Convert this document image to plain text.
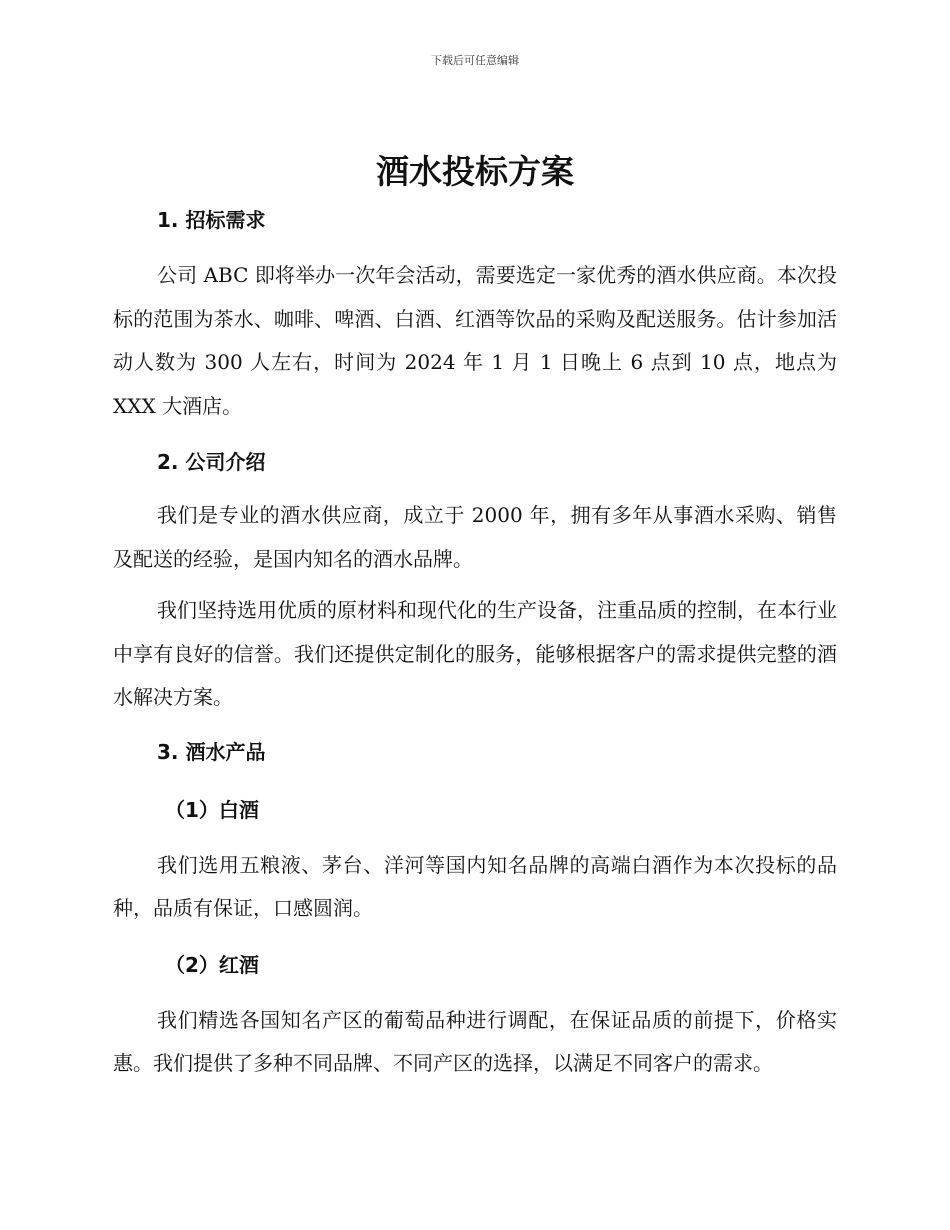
下载后可任意编辑
酒水投标方案
1. 招标需求

公司 ABC 即将举办一次年会活动，需要选定一家优秀的酒水供应商。本次投标的范围为茶水、咖啡、啤酒、白酒、红酒等饮品的采购及配送服务。估计参加活动人数为 300 人左右，时间为 2024 年 1 月 1 日晚上 6 点到 10 点，地点为 XXX 大酒店。

2. 公司介绍

我们是专业的酒水供应商，成立于 2000 年，拥有多年从事酒水采购、销售及配送的经验，是国内知名的酒水品牌。

我们坚持选用优质的原材料和现代化的生产设备，注重品质的控制，在本行业中享有良好的信誉。我们还提供定制化的服务，能够根据客户的需求提供完整的酒水解决方案。

3. 酒水产品
（1）白酒

我们选用五粮液、茅台、洋河等国内知名品牌的高端白酒作为本次投标的品种，品质有保证，口感圆润。

（2）红酒

我们精选各国知名产区的葡萄品种进行调配，在保证品质的前提下，价格实惠。我们提供了多种不同品牌、不同产区的选择，以满足不同客户的需求。
